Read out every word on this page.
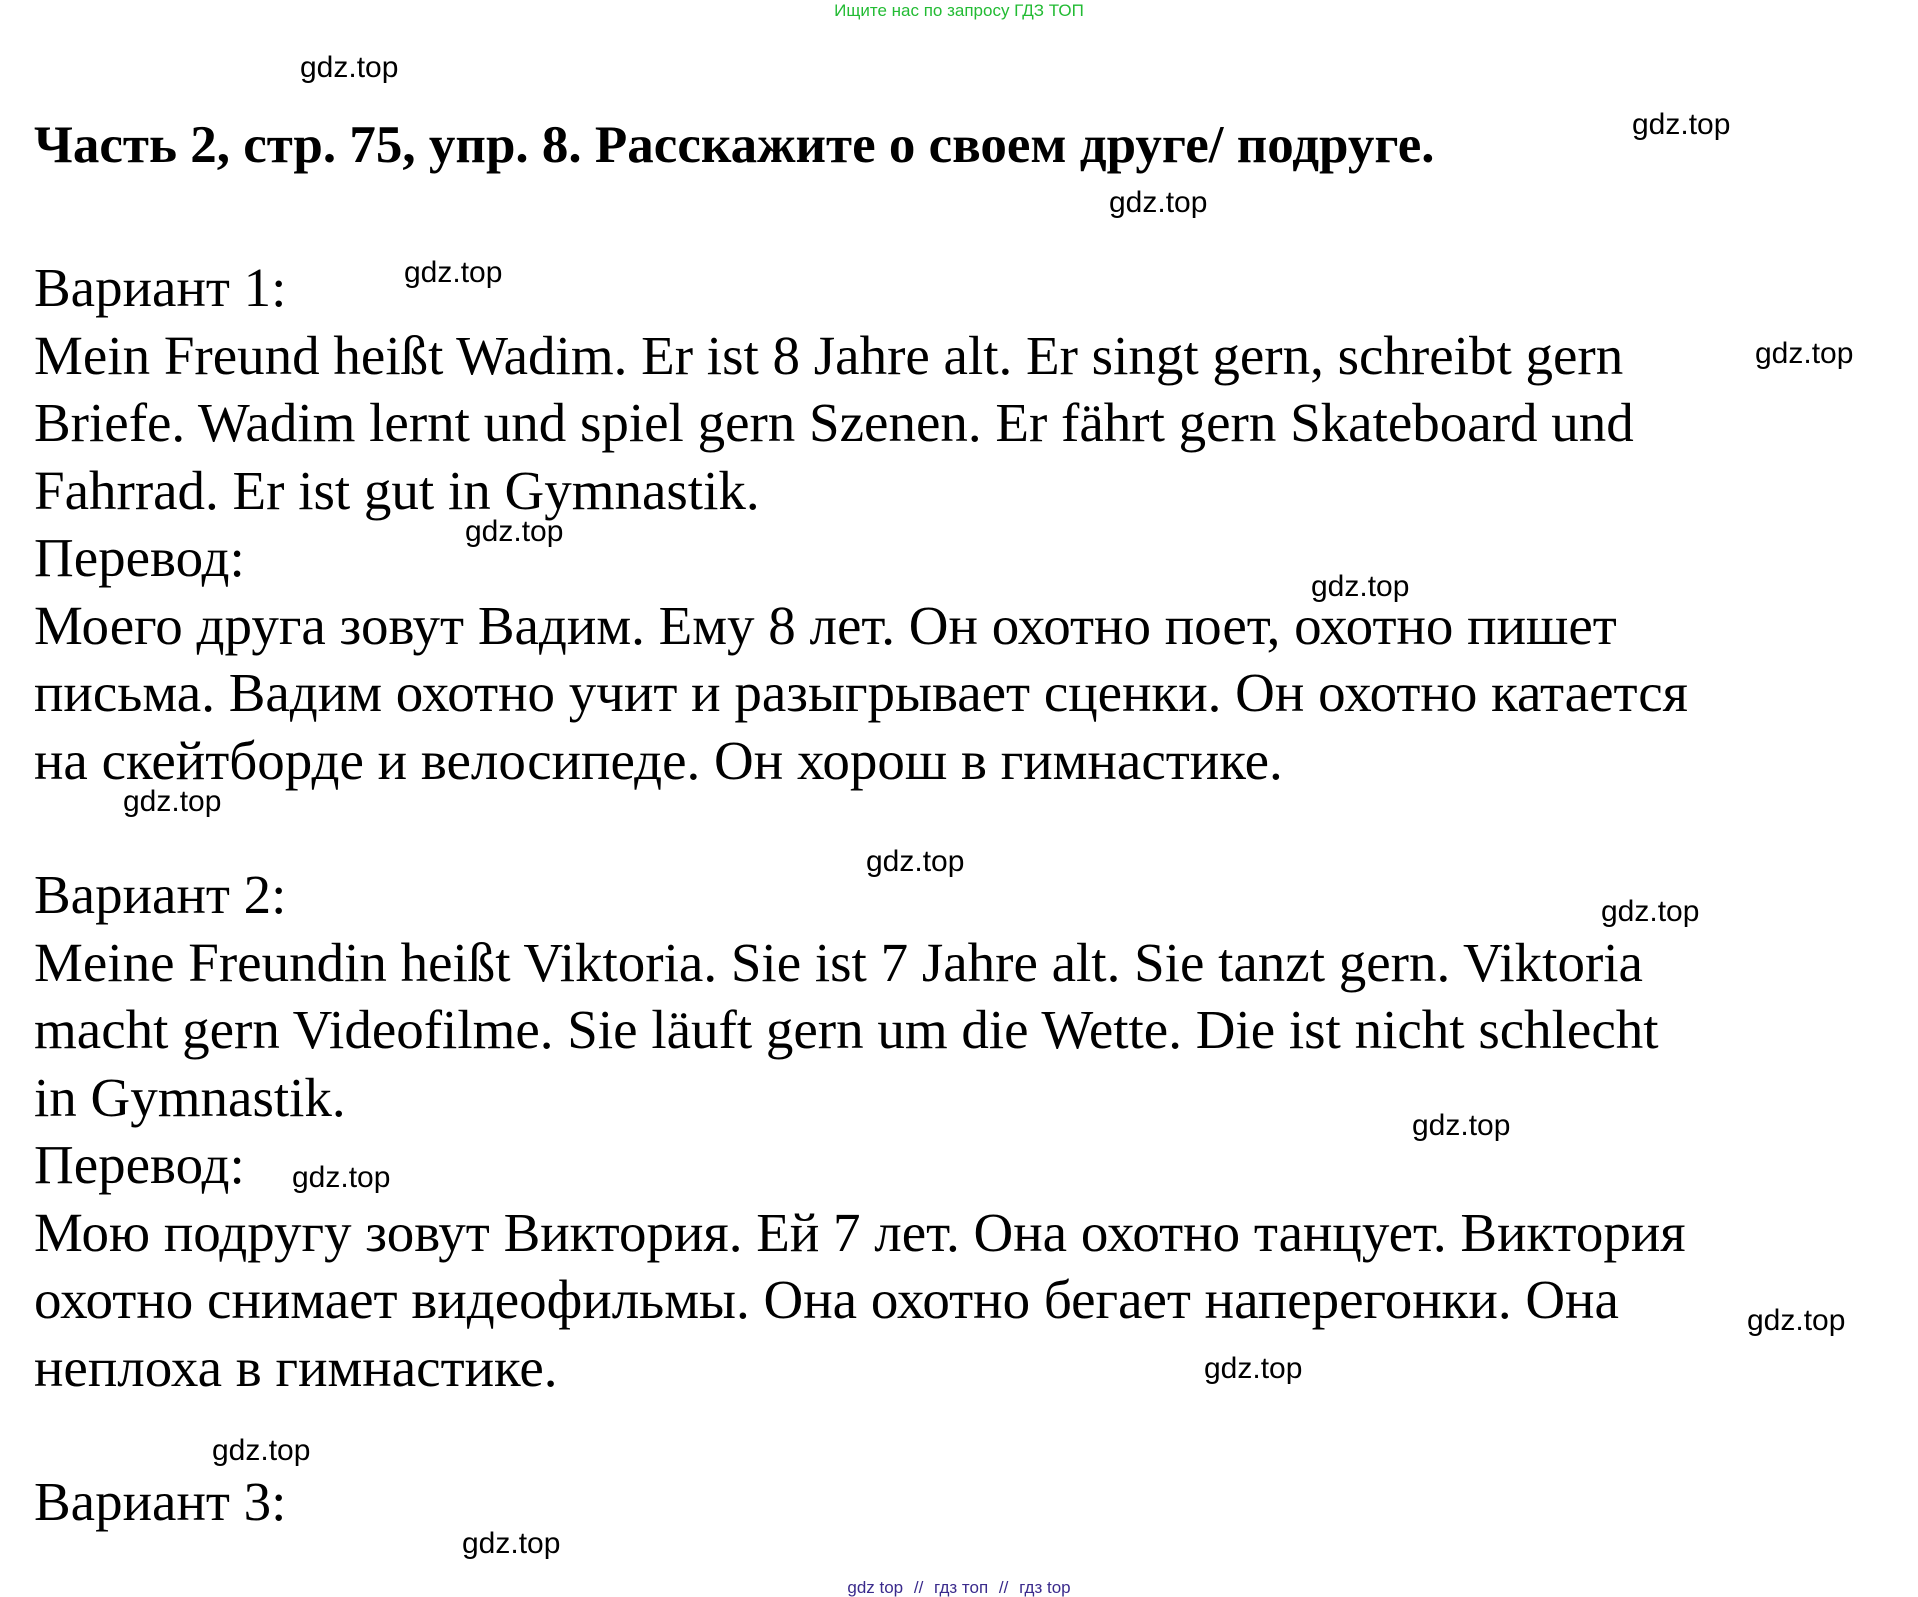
Ищите нас по запросу ГДЗ ТОП
Часть 2, стр. 75, упр. 8. Расскажите о своем друге/ подруге.

Вариант 1:

Mein Freund heißt Wadim. Er ist 8 Jahre alt. Er singt gern, schreibt gern

Briefe. Wadim lernt und spiel gern Szenen. Er fährt gern Skateboard und

Fahrrad. Er ist gut in Gymnastik.

Перевод:

Моего друга зовут Вадим. Ему 8 лет. Он охотно поет, охотно пишет

письма. Вадим охотно учит и разыгрывает сценки. Он охотно катается

на скейтборде и велосипеде. Он хорош в гимнастике.

Вариант 2:

Meine Freundin heißt Viktoria. Sie ist 7 Jahre alt. Sie tanzt gern. Viktoria

macht gern Videofilme. Sie läuft gern um die Wette. Die ist nicht schlecht

in Gymnastik.

Перевод:

Мою подругу зовут Виктория. Ей 7 лет. Она охотно танцует. Виктория

охотно снимает видеофильмы. Она охотно бегает наперегонки. Она

неплоха в гимнастике.

Вариант 3:

gdz.top
gdz.top
gdz.top
gdz.top
gdz.top
gdz.top
gdz.top
gdz.top
gdz.top
gdz.top
gdz.top
gdz.top
gdz.top
gdz.top
gdz.top
gdz.top
gdz top // гдз топ // гдз top
